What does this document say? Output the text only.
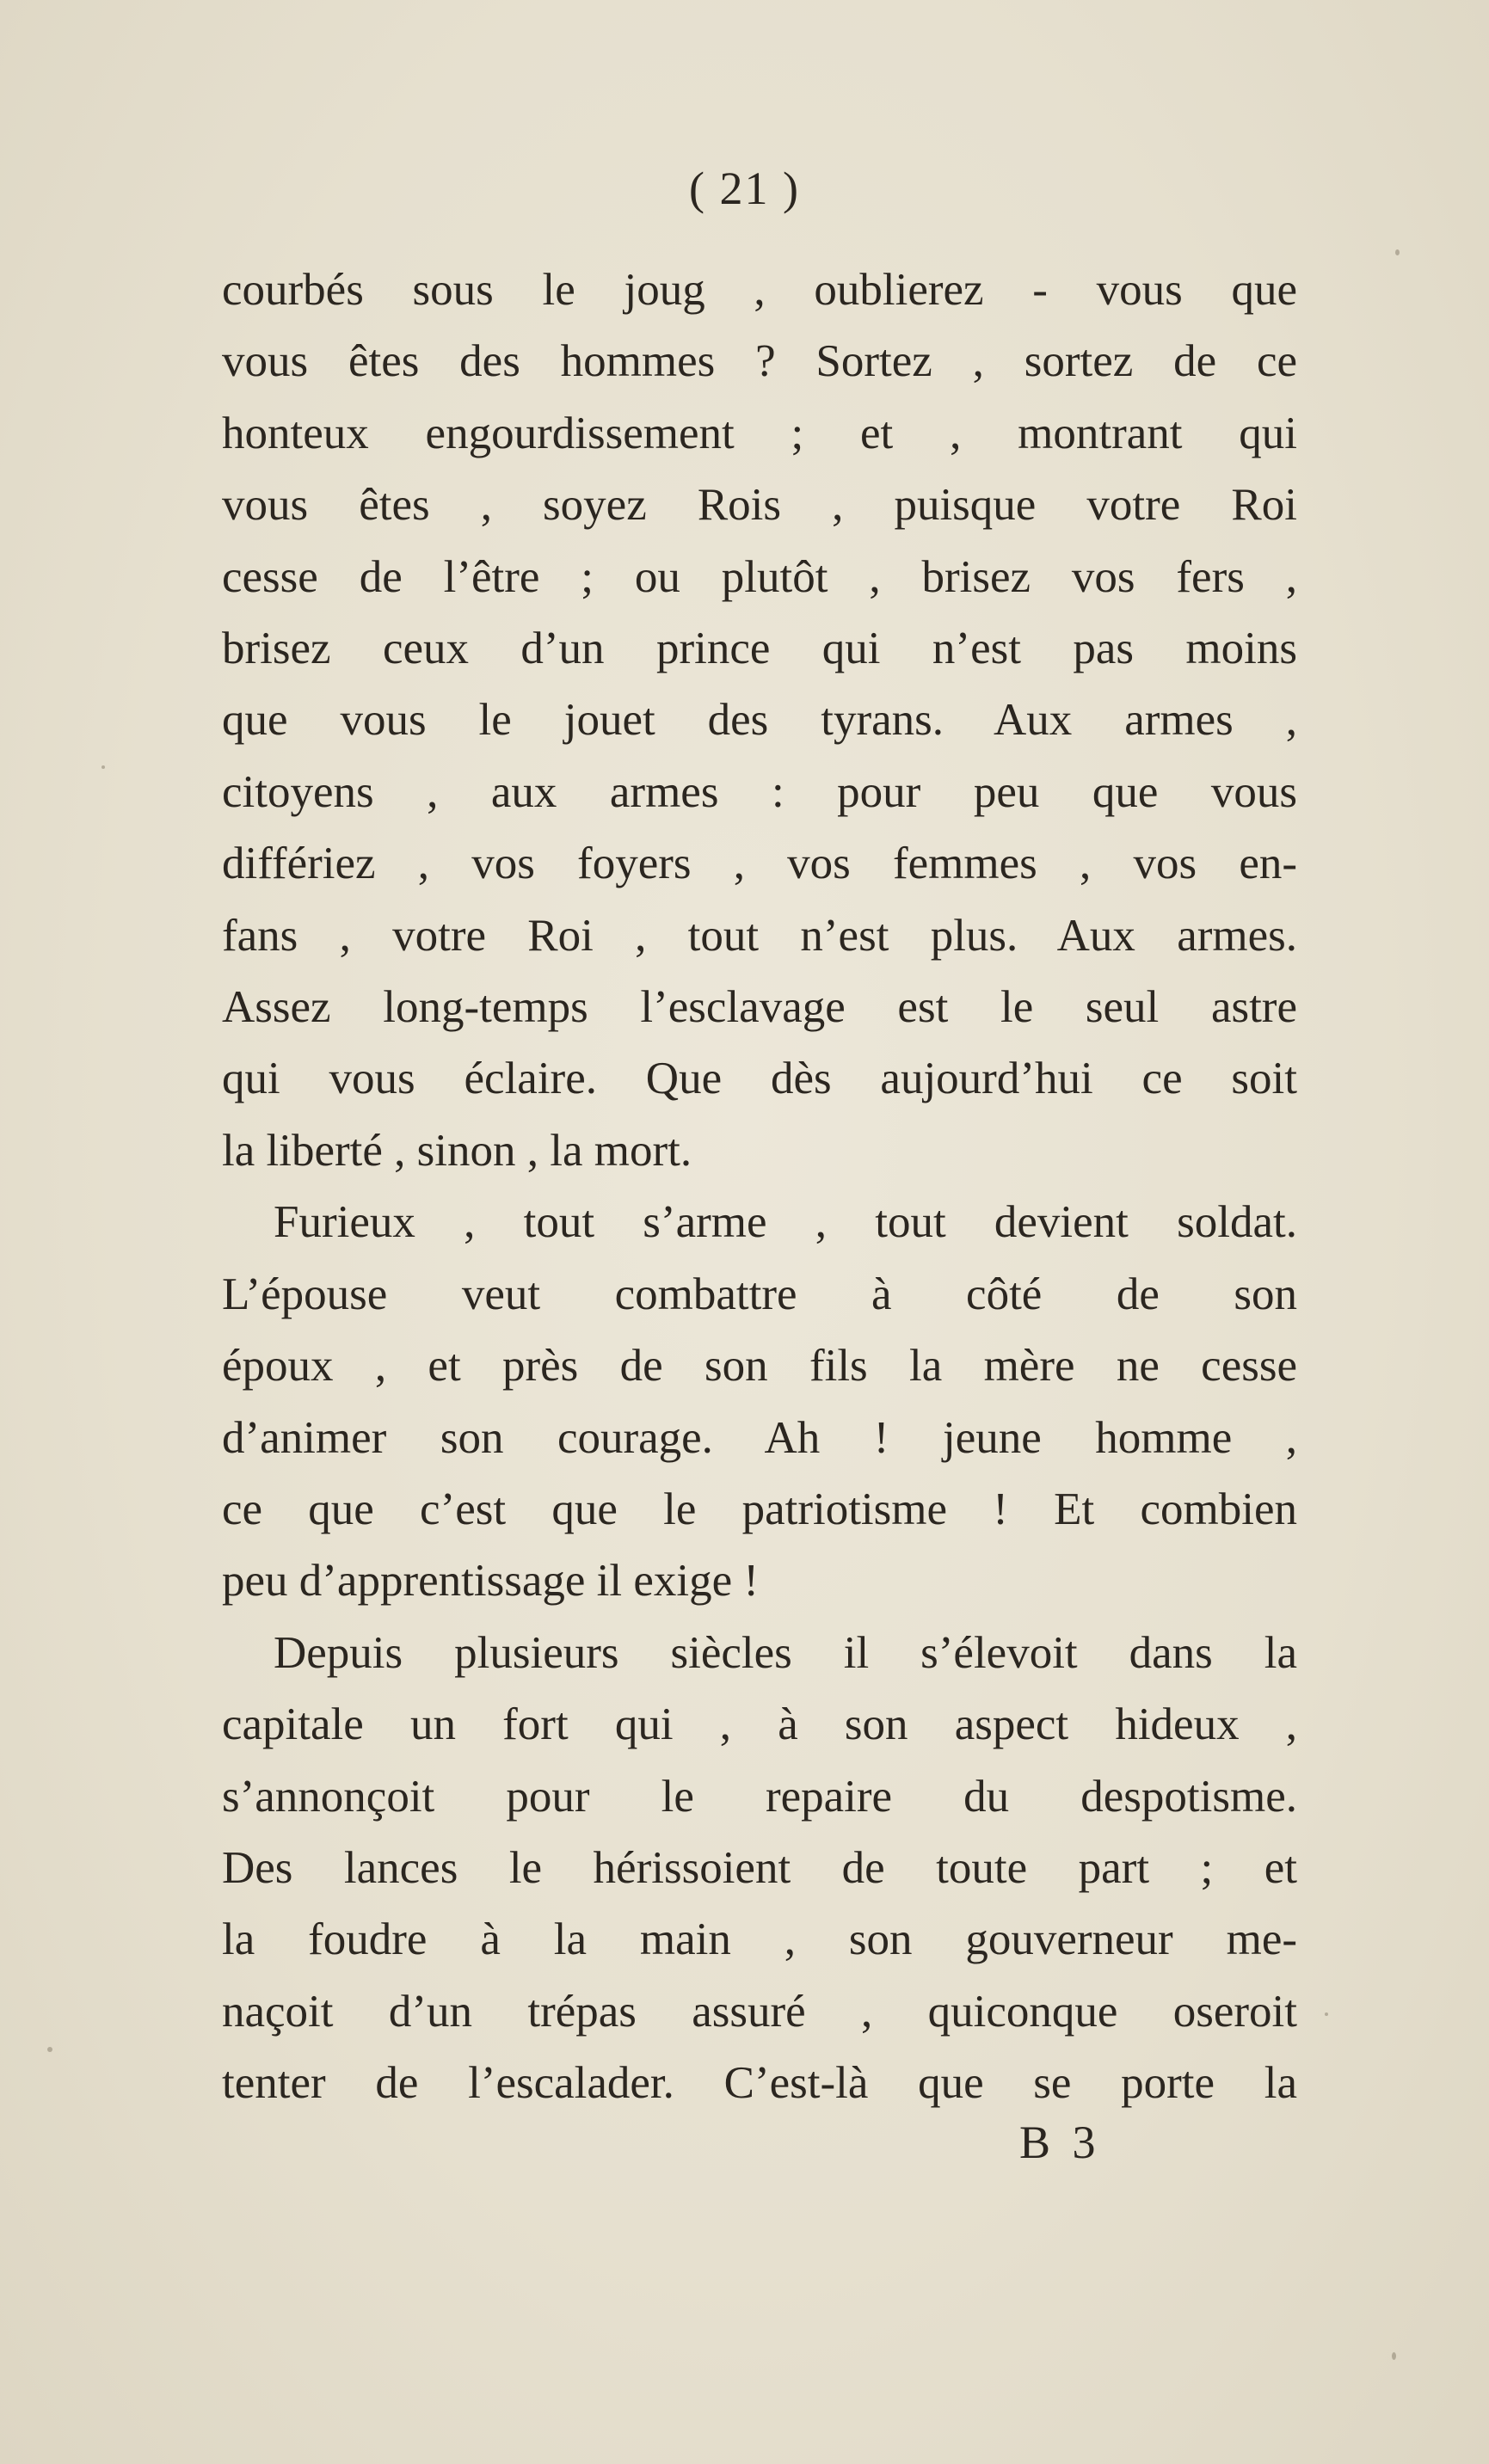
( 21 )
courbés sous le joug , oublierez - vous que
vous êtes des hommes ? Sortez , sortez de ce
honteux engourdissement ; et , montrant qui
vous êtes , soyez Rois , puisque votre Roi
cesse de l’être ; ou plutôt , brisez vos fers ,
brisez ceux d’un prince qui n’est pas moins
que vous le jouet des tyrans. Aux armes ,
citoyens , aux armes : pour peu que vous
différiez , vos foyers , vos femmes , vos en-
fans , votre Roi , tout n’est plus. Aux armes.
Assez long-temps l’esclavage est le seul astre
qui vous éclaire. Que dès aujourd’hui ce soit
la liberté , sinon , la mort.
Furieux , tout s’arme , tout devient soldat.
L’épouse veut combattre à côté de son
époux , et près de son fils la mère ne cesse
d’animer son courage. Ah ! jeune homme ,
ce que c’est que le patriotisme ! Et combien
peu d’apprentissage il exige !
Depuis plusieurs siècles il s’élevoit dans la
capitale un fort qui , à son aspect hideux ,
s’annonçoit pour le repaire du despotisme.
Des lances le hérissoient de toute part ; et
la foudre à la main , son gouverneur me-
naçoit d’un trépas assuré , quiconque oseroit
tenter de l’escalader. C’est-là que se porte la
B 3
